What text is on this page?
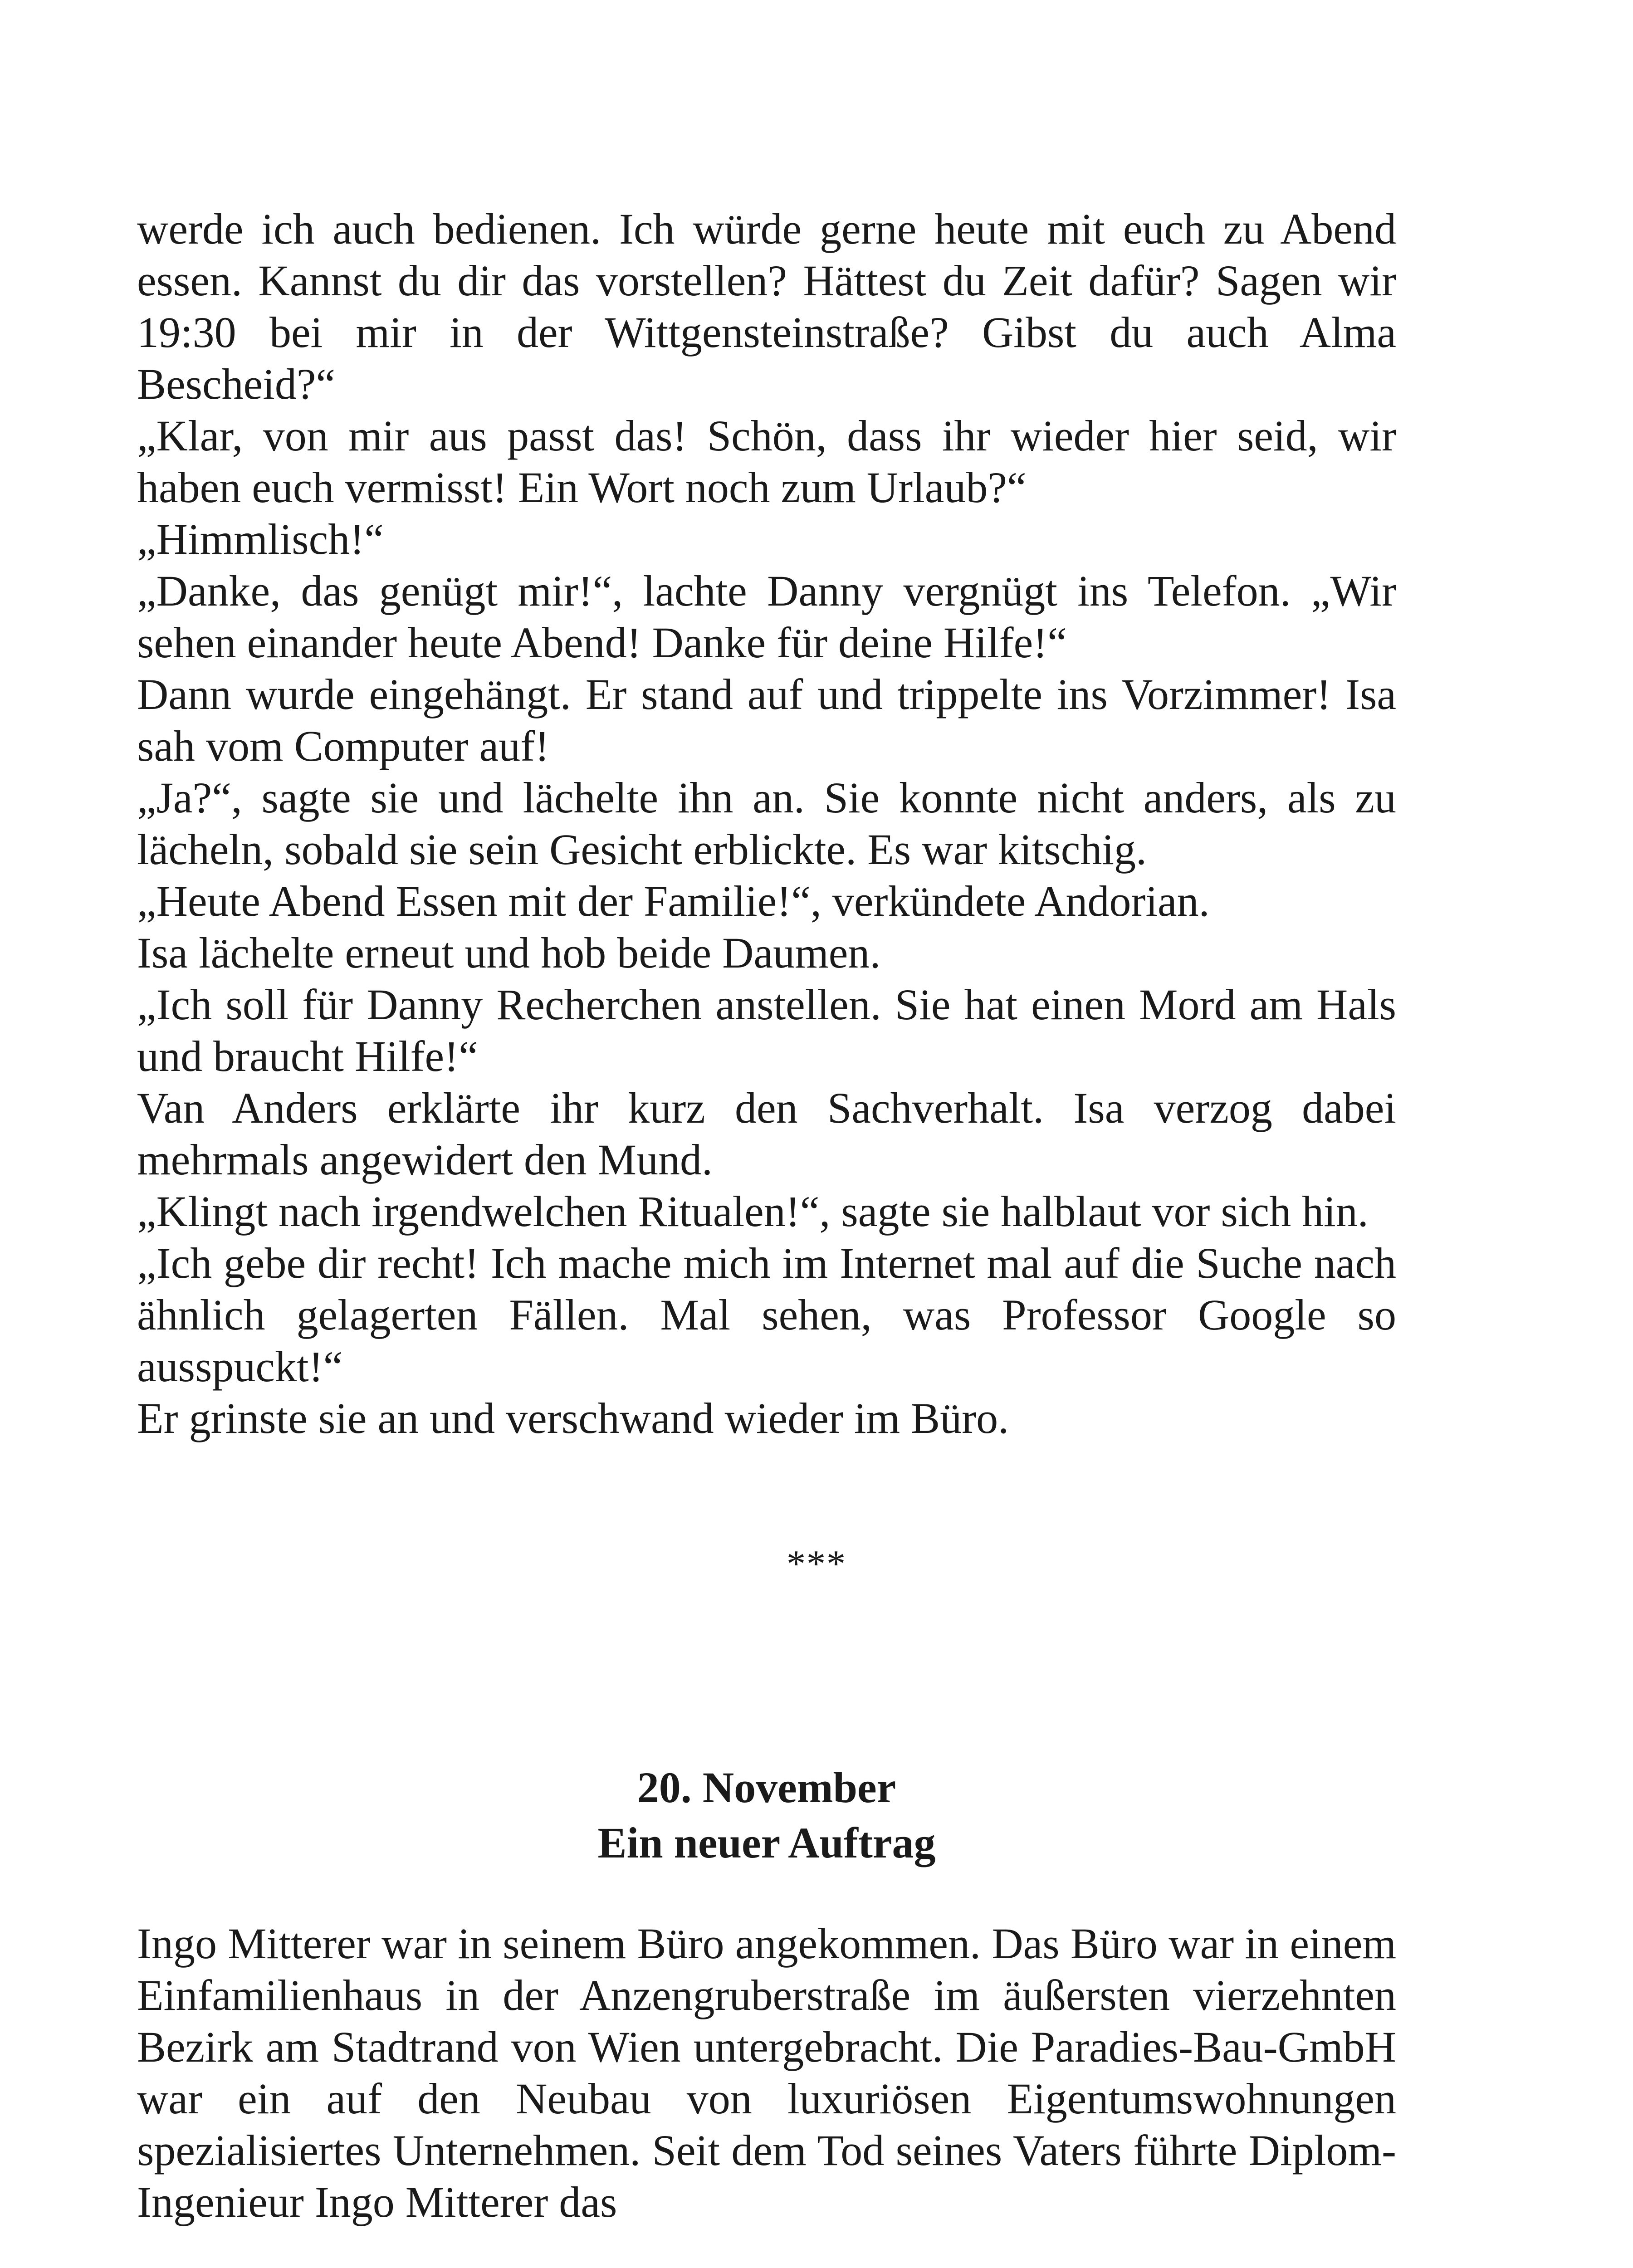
werde ich auch bedienen. Ich würde gerne heute mit euch zu Abend essen. Kannst du dir das vorstellen? Hättest du Zeit dafür? Sagen wir 19:30 bei mir in der Wittgensteinstraße? Gibst du auch Alma Bescheid?“

„Klar, von mir aus passt das! Schön, dass ihr wieder hier seid, wir haben euch vermisst! Ein Wort noch zum Urlaub?“

„Himmlisch!“

„Danke, das genügt mir!“, lachte Danny vergnügt ins Telefon. „Wir sehen einander heute Abend! Danke für deine Hilfe!“

Dann wurde eingehängt. Er stand auf und trippelte ins Vorzimmer! Isa sah vom Computer auf!

„Ja?“, sagte sie und lächelte ihn an. Sie konnte nicht anders, als zu lächeln, sobald sie sein Gesicht erblickte. Es war kitschig.

„Heute Abend Essen mit der Familie!“, verkündete Andorian.

Isa lächelte erneut und hob beide Daumen.

„Ich soll für Danny Recherchen anstellen. Sie hat einen Mord am Hals und braucht Hilfe!“

Van Anders erklärte ihr kurz den Sachverhalt. Isa verzog dabei mehrmals angewidert den Mund.

„Klingt nach irgendwelchen Ritualen!“, sagte sie halblaut vor sich hin.

„Ich gebe dir recht! Ich mache mich im Internet mal auf die Suche nach ähnlich gelagerten Fällen. Mal sehen, was Professor Google so ausspuckt!“

Er grinste sie an und verschwand wieder im Büro.

***
20. November
Ein neuer Auftrag

Ingo Mitterer war in seinem Büro angekommen. Das Büro war in einem Einfamilienhaus in der Anzengruberstraße im äußersten vierzehnten Bezirk am Stadtrand von Wien untergebracht. Die Paradies-Bau-GmbH war ein auf den Neubau von luxuriösen Eigentumswohnungen spezialisiertes Unternehmen. Seit dem Tod seines Vaters führte Diplom-Ingenieur Ingo Mitterer das
